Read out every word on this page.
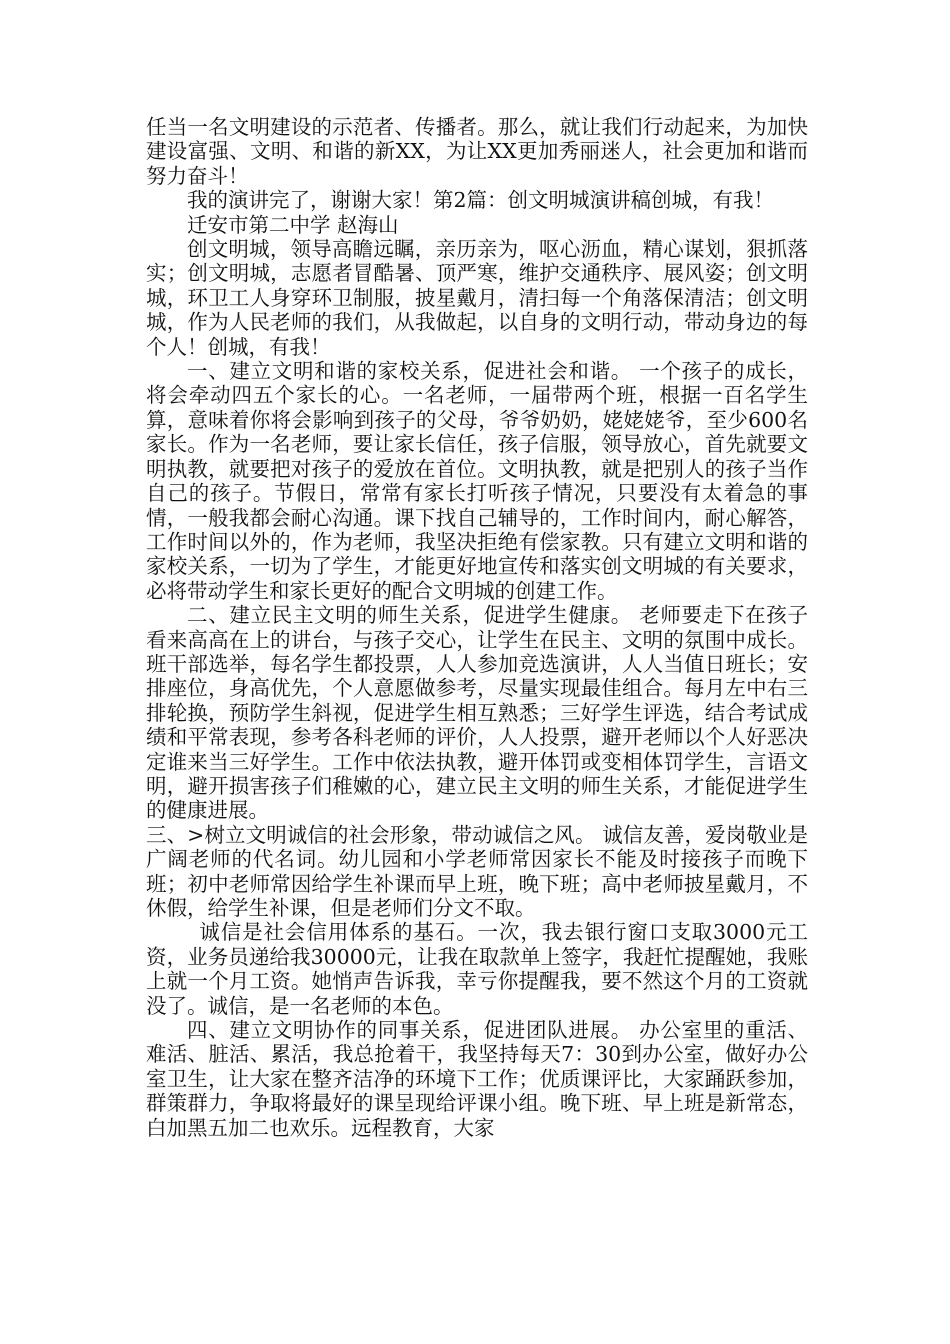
任当一名文明建设的示范者、传播者。那么，就让我们行动起来，为加快建设富强、文明、和谐的新XX，为让XX更加秀丽迷人，社会更加和谐而努力奋斗！

我的演讲完了，谢谢大家！第2篇：创文明城演讲稿创城，有我！

迁安市第二中学 赵海山

创文明城，领导高瞻远瞩，亲历亲为，呕心沥血，精心谋划，狠抓落实；创文明城，志愿者冒酷暑、顶严寒，维护交通秩序、展风姿；创文明城，环卫工人身穿环卫制服，披星戴月，清扫每一个角落保清洁；创文明城，作为人民老师的我们，从我做起，以自身的文明行动，带动身边的每个人！创城，有我！

一、建立文明和谐的家校关系，促进社会和谐。 一个孩子的成长，将会牵动四五个家长的心。一名老师，一届带两个班，根据一百名学生算，意味着你将会影响到孩子的父母，爷爷奶奶，姥姥姥爷，至少600名家长。作为一名老师，要让家长信任，孩子信服，领导放心，首先就要文明执教，就要把对孩子的爱放在首位。文明执教，就是把别人的孩子当作自己的孩子。节假日，常常有家长打听孩子情况，只要没有太着急的事情，一般我都会耐心沟通。课下找自己辅导的，工作时间内，耐心解答，工作时间以外的，作为老师，我坚决拒绝有偿家教。只有建立文明和谐的家校关系，一切为了学生，才能更好地宣传和落实创文明城的有关要求，必将带动学生和家长更好的配合文明城的创建工作。

二、建立民主文明的师生关系，促进学生健康。 老师要走下在孩子看来高高在上的讲台，与孩子交心，让学生在民主、文明的氛围中成长。班干部选举，每名学生都投票，人人参加竞选演讲，人人当值日班长；安排座位，身高优先，个人意愿做参考，尽量实现最佳组合。每月左中右三排轮换，预防学生斜视，促进学生相互熟悉；三好学生评选，结合考试成绩和平常表现，参考各科老师的评价，人人投票，避开老师以个人好恶决定谁来当三好学生。工作中依法执教，避开体罚或变相体罚学生，言语文明，避开损害孩子们稚嫩的心，建立民主文明的师生关系，才能促进学生的健康进展。

三、>树立文明诚信的社会形象，带动诚信之风。 诚信友善，爱岗敬业是广阔老师的代名词。幼儿园和小学老师常因家长不能及时接孩子而晚下班；初中老师常因给学生补课而早上班，晚下班；高中老师披星戴月，不休假，给学生补课，但是老师们分文不取。

诚信是社会信用体系的基石。一次，我去银行窗口支取3000元工资，业务员递给我30000元，让我在取款单上签字，我赶忙提醒她，我账上就一个月工资。她悄声告诉我，幸亏你提醒我，要不然这个月的工资就没了。诚信，是一名老师的本色。

四、建立文明协作的同事关系，促进团队进展。 办公室里的重活、难活、脏活、累活，我总抢着干，我坚持每天7：30到办公室，做好办公室卫生，让大家在整齐洁净的环境下工作；优质课评比，大家踊跃参加，群策群力，争取将最好的课呈现给评课小组。晚下班、早上班是新常态，白加黑五加二也欢乐。远程教育，大家
